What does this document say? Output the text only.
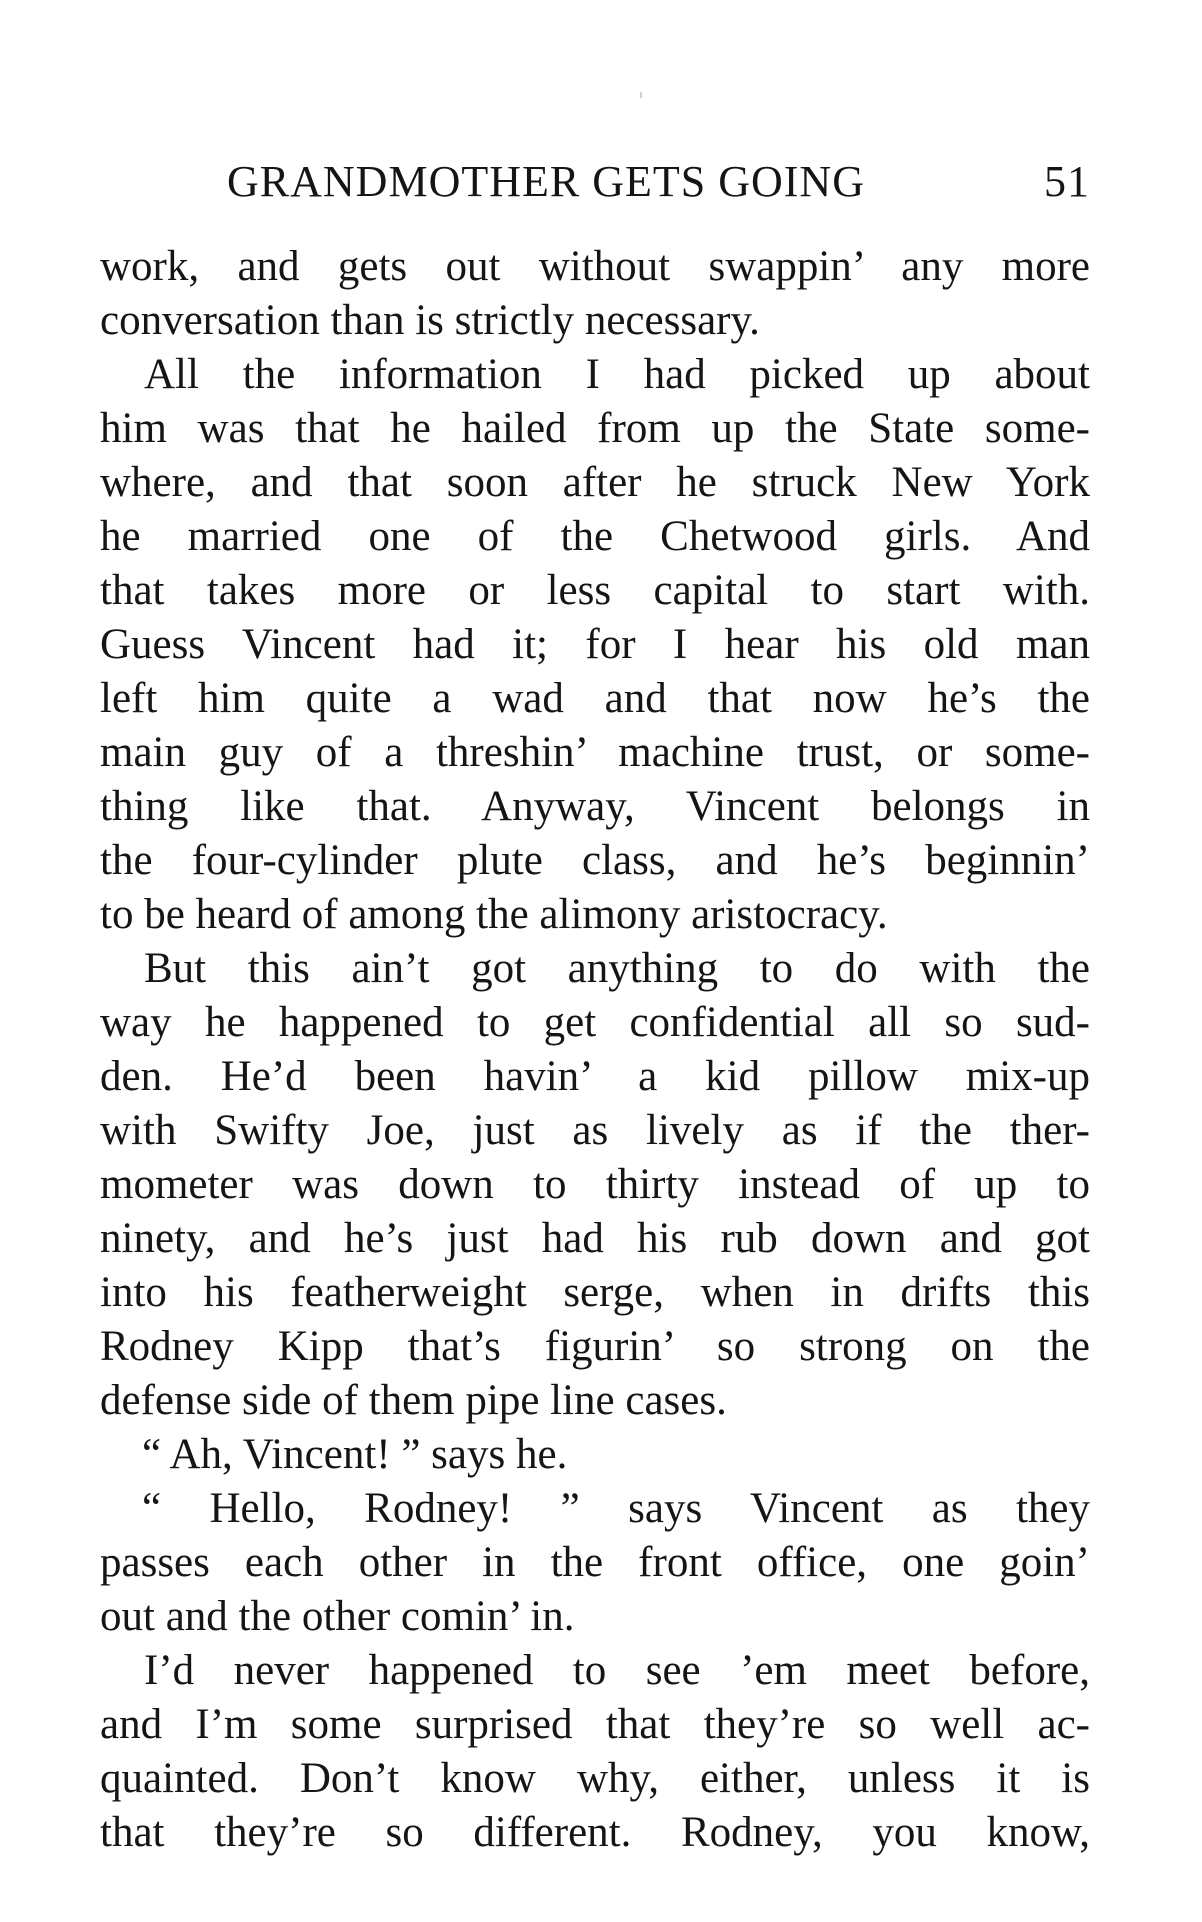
GRANDMOTHER GETS GOING	51
work, and gets out without swappin’ any more
conversation than is strictly necessary.
All the information I had picked up about
him was that he hailed from up the State some-
where, and that soon after he struck New York
he married one of the Chetwood girls. And
that takes more or less capital to start with.
Guess Vincent had it; for I hear his old man
left him quite a wad and that now he’s the
main guy of a threshin’ machine trust, or some-
thing like that. Anyway, Vincent belongs in
the four-cylinder plute class, and he’s beginnin’
to be heard of among the alimony aristocracy.
But this ain’t got anything to do with the
way he happened to get confidential all so sud-
den. He’d been havin’ a kid pillow mix-up
with Swifty Joe, just as lively as if the ther-
mometer was down to thirty instead of up to
ninety, and he’s just had his rub down and got
into his featherweight serge, when in drifts this
Rodney Kipp that’s figurin’ so strong on the
defense side of them pipe line cases.
“ Ah, Vincent! ” says he.
“ Hello, Rodney! ” says Vincent as they
passes each other in the front office, one goin’
out and the other comin’ in.
I’d never happened to see ’em meet before,
and I’m some surprised that they’re so well ac-
quainted. Don’t know why, either, unless it is
that they’re so different. Rodney, you know,
